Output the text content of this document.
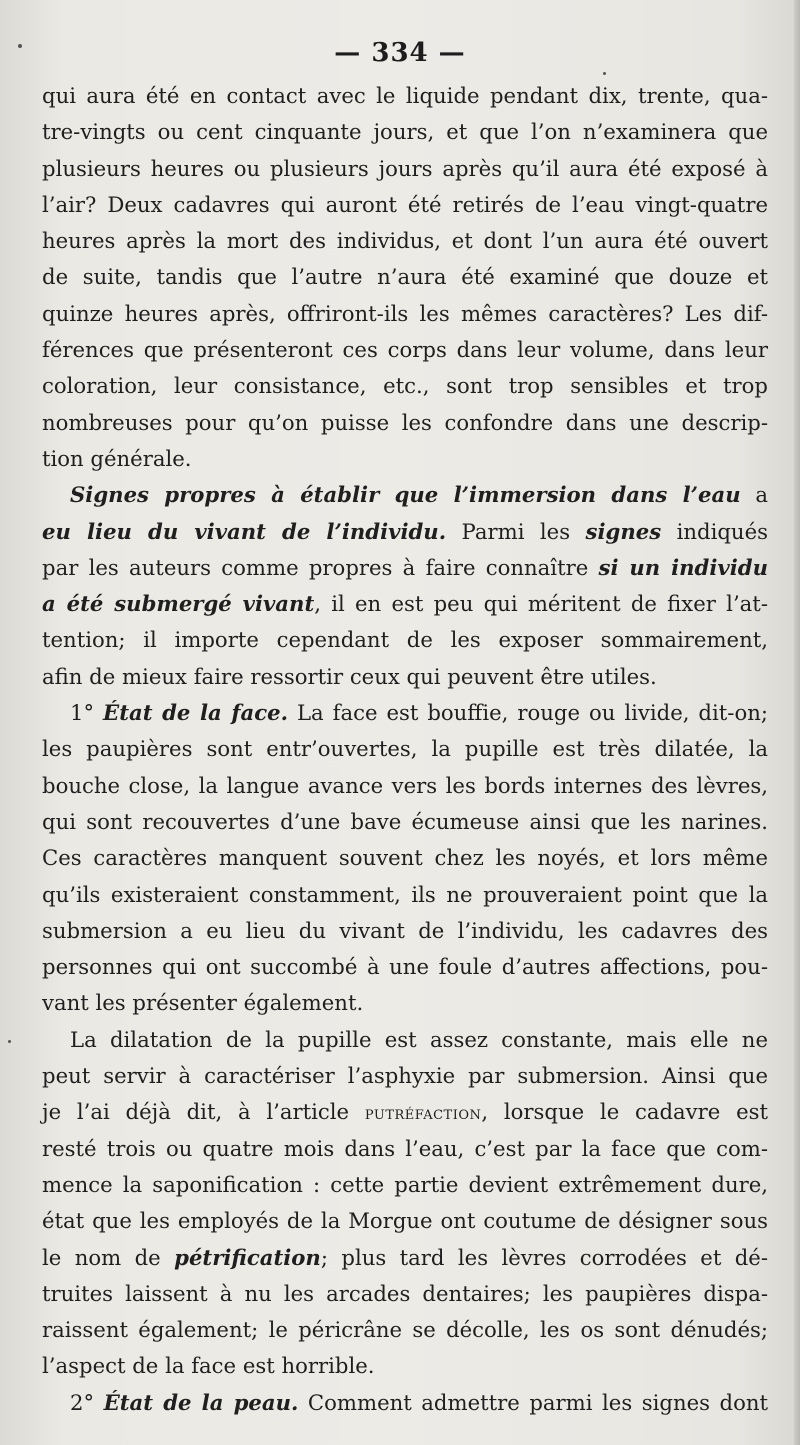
— 334 —
qui aura été en contact avec le liquide pendant dix, trente, qua-
tre-vingts ou cent cinquante jours, et que l’on n’examinera que
plusieurs heures ou plusieurs jours après qu’il aura été exposé à
l’air? Deux cadavres qui auront été retirés de l’eau vingt-quatre
heures après la mort des individus, et dont l’un aura été ouvert
de suite, tandis que l’autre n’aura été examiné que douze et
quinze heures après, offriront-ils les mêmes caractères? Les dif-
férences que présenteront ces corps dans leur volume, dans leur
coloration, leur consistance, etc., sont trop sensibles et trop
nombreuses pour qu’on puisse les confondre dans une descrip-
tion générale.
Signes propres à établir que l’immersion dans l’eau a
eu lieu du vivant de l’individu. Parmi les signes indiqués
par les auteurs comme propres à faire connaître si un individu
a été submergé vivant, il en est peu qui méritent de fixer l’at-
tention; il importe cependant de les exposer sommairement,
afin de mieux faire ressortir ceux qui peuvent être utiles.
1° État de la face. La face est bouffie, rouge ou livide, dit-on;
les paupières sont entr’ouvertes, la pupille est très dilatée, la
bouche close, la langue avance vers les bords internes des lèvres,
qui sont recouvertes d’une bave écumeuse ainsi que les narines.
Ces caractères manquent souvent chez les noyés, et lors même
qu’ils existeraient constamment, ils ne prouveraient point que la
submersion a eu lieu du vivant de l’individu, les cadavres des
personnes qui ont succombé à une foule d’autres affections, pou-
vant les présenter également.
La dilatation de la pupille est assez constante, mais elle ne
peut servir à caractériser l’asphyxie par submersion. Ainsi que
je l’ai déjà dit, à l’article putréfaction, lorsque le cadavre est
resté trois ou quatre mois dans l’eau, c’est par la face que com-
mence la saponification : cette partie devient extrêmement dure,
état que les employés de la Morgue ont coutume de désigner sous
le nom de pétrification; plus tard les lèvres corrodées et dé-
truites laissent à nu les arcades dentaires; les paupières dispa-
raissent également; le péricrâne se décolle, les os sont dénudés;
l’aspect de la face est horrible.
2° État de la peau. Comment admettre parmi les signes dont
